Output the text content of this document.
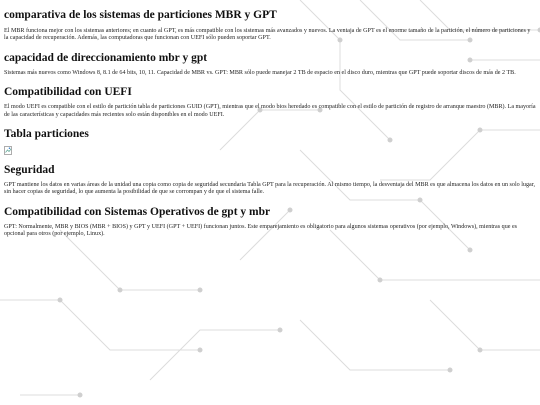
comparativa de los sistemas de particiones MBR y GPT

El MBR funciona mejor con los sistemas anteriores; en cuanto al GPT, es más compatible con los sistemas más avanzados y nuevos. La ventaja de GPT es el enorme tamaño de la partición, el número de particiones y la capacidad de recuperación. Además, las computadoras que funcionan con UEFI sólo pueden soportar GPT.

capacidad de direccionamiento mbr y gpt

Sistemas más nuevos como Windows 8, 8.1 de 64 bits, 10, 11. Capacidad de MBR vs. GPT: MBR sólo puede manejar 2 TB de espacio en el disco duro, mientras que GPT puede soportar discos de más de 2 TB.

Compatibilidad con UEFI

El modo UEFI es compatible con el estilo de partición tabla de particiones GUID (GPT), mientras que el modo bios heredado es compatible con el estilo de partición de registro de arranque maestro (MBR). La mayoría de las características y capacidades más recientes solo están disponibles en el modo UEFI.

Tabla particiones
Seguridad

GPT mantiene los datos en varias áreas de la unidad una copia como copia de seguridad secundaria Tabla GPT para la recuperación. Al mismo tiempo, la desventaja del MBR es que almacena los datos en un solo lugar, sin hacer copias de seguridad, lo que aumenta la posibilidad de que se corrompan y de que el sistema falle.

Compatibilidad con Sistemas Operativos de gpt y mbr

GPT: Normalmente, MBR y BIOS (MBR + BIOS) y GPT y UEFI (GPT + UEFI) funcionan juntos. Este emparejamiento es obligatorio para algunos sistemas operativos (por ejemplo, Windows), mientras que es opcional para otros (por ejemplo, Linux).
